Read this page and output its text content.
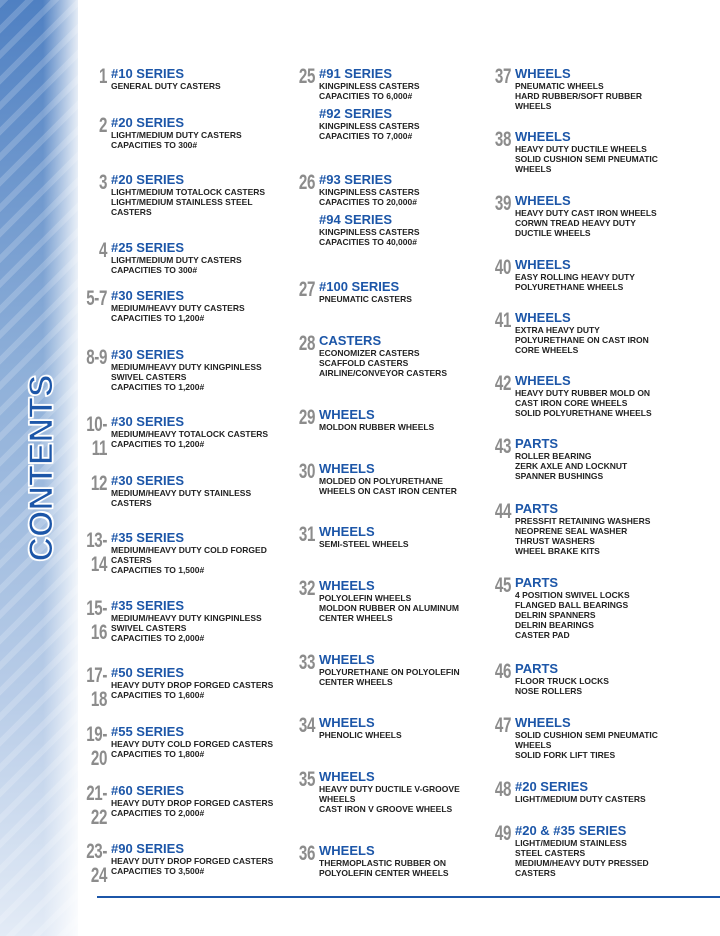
CONTENTS
1 #10 SERIES
GENERAL DUTY CASTERS
2 #20 SERIES
LIGHT/MEDIUM DUTY CASTERS
CAPACITIES TO 300#
3 #20 SERIES
LIGHT/MEDIUM TOTALOCK CASTERS
LIGHT/MEDIUM STAINLESS STEEL
CASTERS
4 #25 SERIES
LIGHT/MEDIUM DUTY CASTERS
CAPACITIES TO 300#
5-7 #30 SERIES
MEDIUM/HEAVY DUTY CASTERS
CAPACITIES TO 1,200#
8-9 #30 SERIES
MEDIUM/HEAVY DUTY KINGPINLESS
SWIVEL CASTERS
CAPACITIES TO 1,200#
10-11
#30 SERIES
MEDIUM/HEAVY TOTALOCK CASTERS
CAPACITIES TO 1,200#
12 #30 SERIES
MEDIUM/HEAVY DUTY STAINLESS
CASTERS
13-14
#35 SERIES
MEDIUM/HEAVY DUTY COLD FORGED
CASTERS
CAPACITIES TO 1,500#
15-16
#35 SERIES
MEDIUM/HEAVY DUTY KINGPINLESS
SWIVEL CASTERS
CAPACITIES TO 2,000#
17-18
#50 SERIES
HEAVY DUTY DROP FORGED CASTERS
CAPACITIES TO 1,600#
19-20
#55 SERIES
HEAVY DUTY COLD FORGED CASTERS
CAPACITIES TO 1,800#
21-22
#60 SERIES
HEAVY DUTY DROP FORGED CASTERS
CAPACITIES TO 2,000#
23-24
#90 SERIES
HEAVY DUTY DROP FORGED CASTERS
CAPACITIES TO 3,500#
25 #91 SERIES
KINGPINLESS CASTERS
CAPACITIES TO 6,000#
#92 SERIES
KINGPINLESS CASTERS
CAPACITIES TO 7,000#
26 #93 SERIES
KINGPINLESS CASTERS
CAPACITIES TO 20,000#
#94 SERIES
KINGPINLESS CASTERS
CAPACITIES TO 40,000#
27 #100 SERIES
PNEUMATIC CASTERS
28 CASTERS
ECONOMIZER CASTERS
SCAFFOLD CASTERS
AIRLINE/CONVEYOR CASTERS
29 WHEELS
MOLDON RUBBER WHEELS
30 WHEELS
MOLDED ON POLYURETHANE
WHEELS ON CAST IRON CENTER
31 WHEELS
SEMI-STEEL WHEELS
32 WHEELS
POLYOLEFIN WHEELS
MOLDON RUBBER ON ALUMINUM
CENTER WHEELS
33 WHEELS
POLYURETHANE ON POLYOLEFIN
CENTER WHEELS
34 WHEELS
PHENOLIC WHEELS
35 WHEELS
HEAVY DUTY DUCTILE V-GROOVE
WHEELS
CAST IRON V GROOVE WHEELS
36 WHEELS
THERMOPLASTIC RUBBER ON
POLYOLEFIN CENTER WHEELS
37 WHEELS
PNEUMATIC WHEELS
HARD RUBBER/SOFT RUBBER
WHEELS
38 WHEELS
HEAVY DUTY DUCTILE WHEELS
SOLID CUSHION SEMI PNEUMATIC
WHEELS
39 WHEELS
HEAVY DUTY CAST IRON WHEELS
CORWN TREAD HEAVY DUTY
DUCTILE WHEELS
40 WHEELS
EASY ROLLING HEAVY DUTY
POLYURETHANE WHEELS
41 WHEELS
EXTRA HEAVY DUTY
POLYURETHANE ON CAST IRON
CORE WHEELS
42 WHEELS
HEAVY DUTY RUBBER MOLD ON
CAST IRON CORE WHEELS
SOLID POLYURETHANE WHEELS
43 PARTS
ROLLER BEARING
ZERK AXLE AND LOCKNUT
SPANNER BUSHINGS
44 PARTS
PRESSFIT RETAINING WASHERS
NEOPRENE SEAL WASHER
THRUST WASHERS
WHEEL BRAKE KITS
45 PARTS
4 POSITION SWIVEL LOCKS
FLANGED BALL BEARINGS
DELRIN SPANNERS
DELRIN BEARINGS
CASTER PAD
46 PARTS
FLOOR TRUCK LOCKS
NOSE ROLLERS
47 WHEELS
SOLID CUSHION SEMI PNEUMATIC
WHEELS
SOLID FORK LIFT TIRES
48 #20 SERIES
LIGHT/MEDIUM DUTY CASTERS
49 #20 & #35 SERIES
LIGHT/MEDIUM STAINLESS
STEEL CASTERS
MEDIUM/HEAVY DUTY PRESSED
CASTERS
